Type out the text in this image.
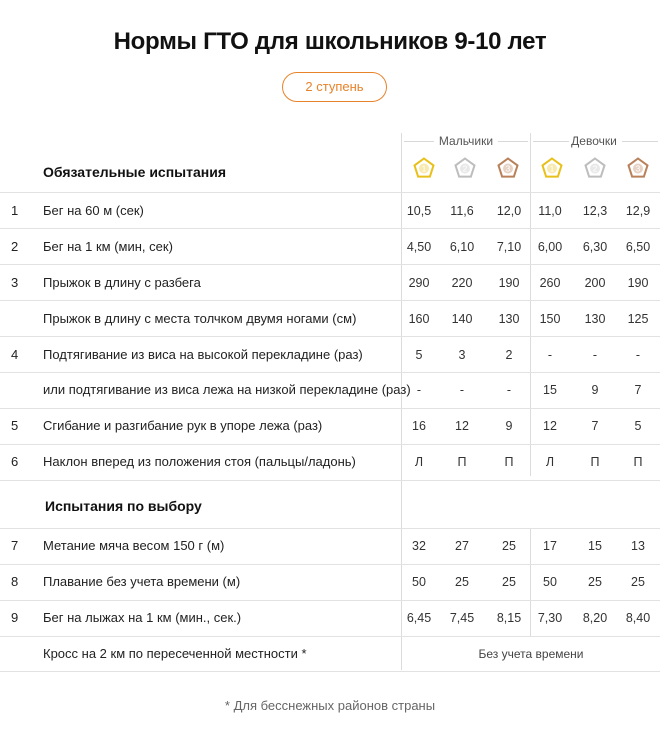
Нормы ГТО для школьников 9-10 лет
2 ступень
Мальчики	Девочки
1	2	3	1	2	3
Обязательные испытания
1 Бег на 60 м (сек)	10,5	11,6	12,0	11,0	12,3	12,9
2 Бег на 1 км (мин, сек)	4,50	6,10	7,10	6,00	6,30	6,50
3 Прыжок в длину с разбега	290	220	190	260	200	190
Прыжок в длину с места толчком двумя ногами (см)	160	140	130	150	130	125
4 Подтягивание из виса на высокой перекладине (раз)	5	3	2	-	-	-
или подтягивание из виса лежа на низкой перекладине (раз) -	-	-	15	9	7
5 Сгибание и разгибание рук в упоре лежа (раз)	16	12	9	12	7	5
6 Наклон вперед из положения стоя (пальцы/ладонь)	Л	П	П	Л	П	П
Испытания по выбору
7 Метание мяча весом 150 г (м)	32	27	25	17	15	13
8 Плавание без учета времени (м)	50	25	25	50	25	25
9 Бег на лыжах на 1 км (мин., сек.)	6,45	7,45	8,15	7,30	8,20	8,40
Кросс на 2 км по пересеченной местности *	Без учета времени
* Для бесснежных районов страны
